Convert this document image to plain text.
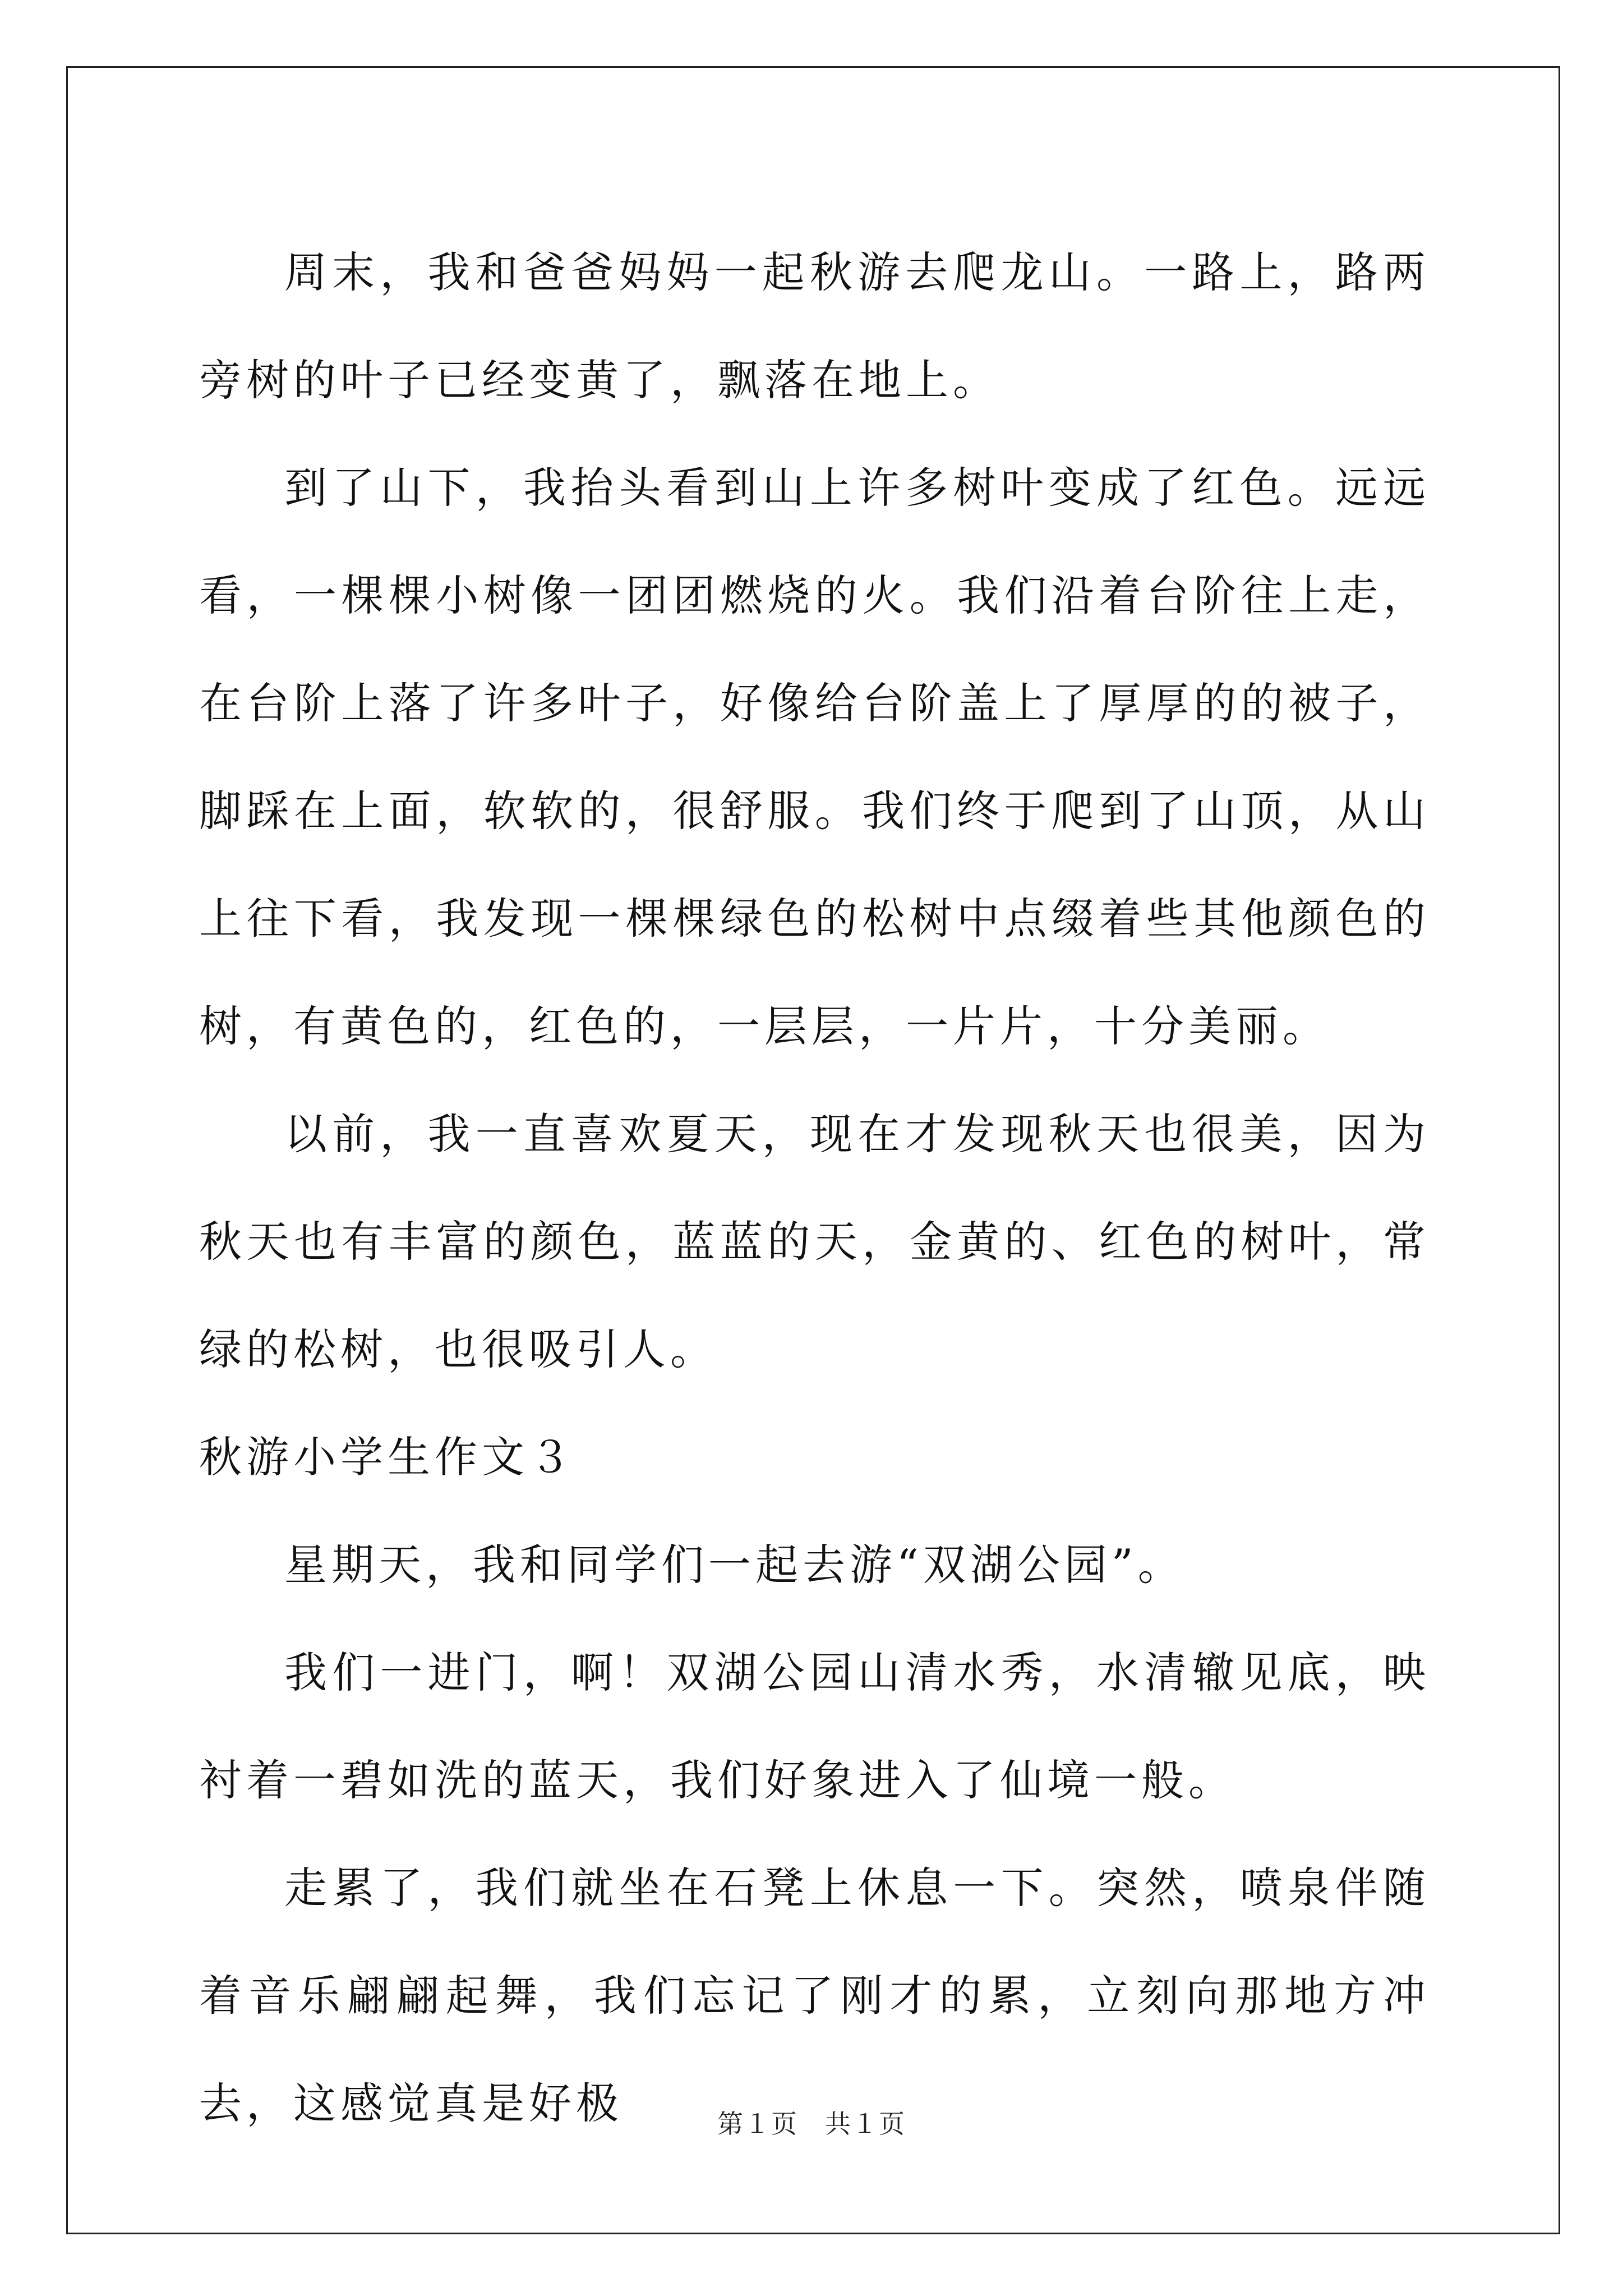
周末，我和爸爸妈妈一起秋游去爬龙山。一路上，路两旁树的叶子已经变黄了，飘落在地上。

到了山下，我抬头看到山上许多树叶变成了红色。远远看，一棵棵小树像一团团燃烧的火。我们沿着台阶往上走，在台阶上落了许多叶子，好像给台阶盖上了厚厚的的被子，脚踩在上面，软软的，很舒服。我们终于爬到了山顶，从山上往下看，我发现一棵棵绿色的松树中点缀着些其他颜色的树，有黄色的，红色的，一层层，一片片，十分美丽。

以前，我一直喜欢夏天，现在才发现秋天也很美，因为秋天也有丰富的颜色，蓝蓝的天，金黄的、红色的树叶，常绿的松树，也很吸引人。

秋游小学生作文３

星期天，我和同学们一起去游“双湖公园”。

我们一进门，啊！双湖公园山清水秀，水清辙见底，映衬着一碧如洗的蓝天，我们好象进入了仙境一般。

走累了，我们就坐在石凳上休息一下。突然，喷泉伴随着音乐翩翩起舞，我们忘记了刚才的累，立刻向那地方冲去，这感觉真是好极	第１页　共１页
